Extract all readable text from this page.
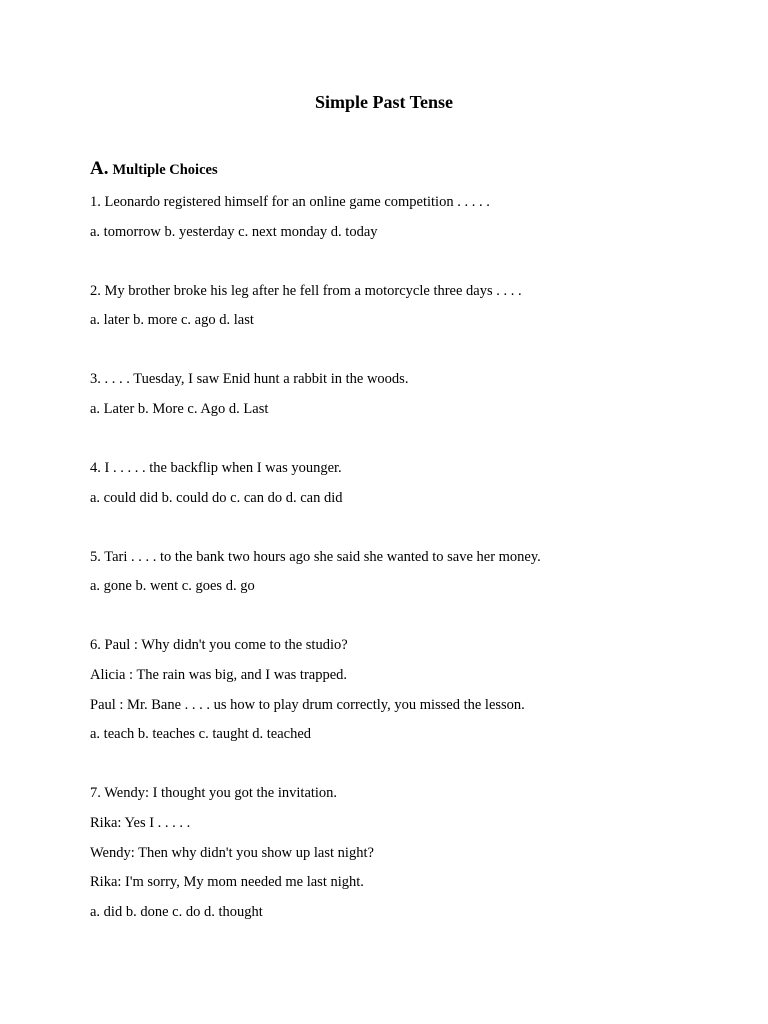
Simple Past Tense
A. Multiple Choices
1. Leonardo registered himself for an online game competition . . . . .
a. tomorrow b. yesterday c. next monday d. today
2. My brother broke his leg after he fell from a motorcycle three days . . . .
a. later b. more c. ago d. last
3. . . . . Tuesday, I saw Enid hunt a rabbit in the woods.
a. Later b. More c. Ago d. Last
4. I . . . . . the backflip when I was younger.
a. could did b. could do c. can do d. can did
5. Tari . . . . to the bank two hours ago she said she wanted to save her money.
a. gone b. went c. goes d. go
6. Paul : Why didn't you come to the studio?
Alicia : The rain was big, and I was trapped.
Paul : Mr. Bane . . . . us how to play drum correctly, you missed the lesson.
a. teach b. teaches c. taught d. teached
7. Wendy: I thought you got the invitation.
Rika: Yes I . . . . .
Wendy: Then why didn't you show up last night?
Rika: I'm sorry, My mom needed me last night.
a. did b. done c. do d. thought
